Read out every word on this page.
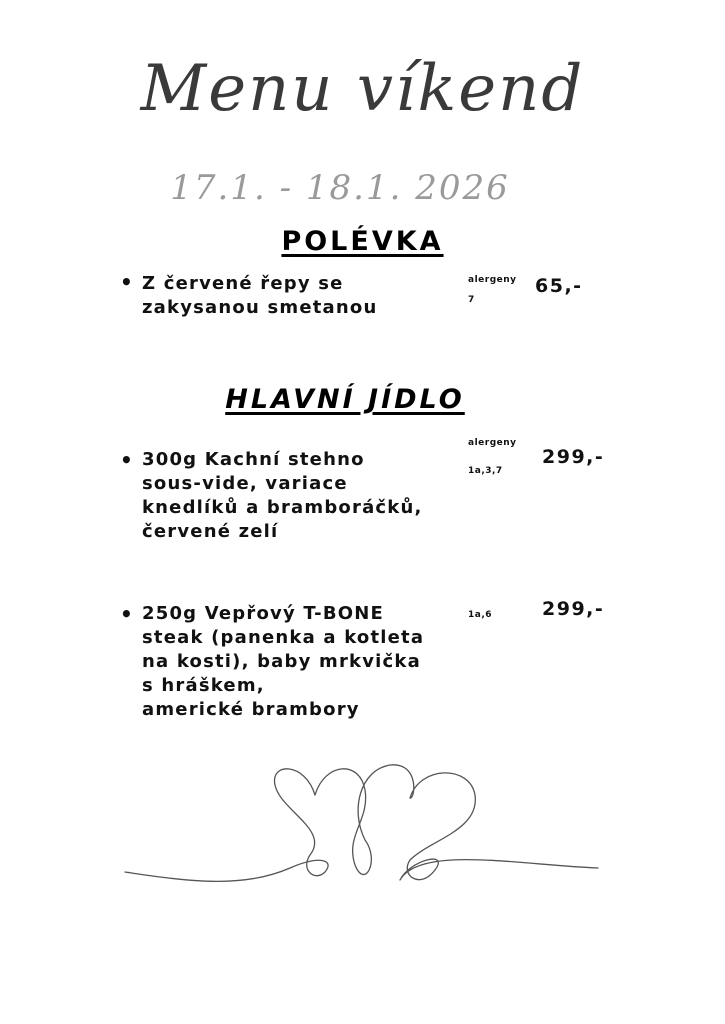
Menu víkend
17.1. - 18.1. 2026
POLÉVKA
• Z červené řepy se
zakysanou smetanou
alergeny
7
65,-
HLAVNÍ JÍDLO
• 300g Kachní stehno
sous-vide, variace
knedlíků a bramboráčků,
červené zelí
alergeny
1a,3,7
299,-
• 250g Vepřový T-BONE
steak (panenka a kotleta
na kosti), baby mrkvička
s hráškem,
americké brambory
1a,6	299,-
